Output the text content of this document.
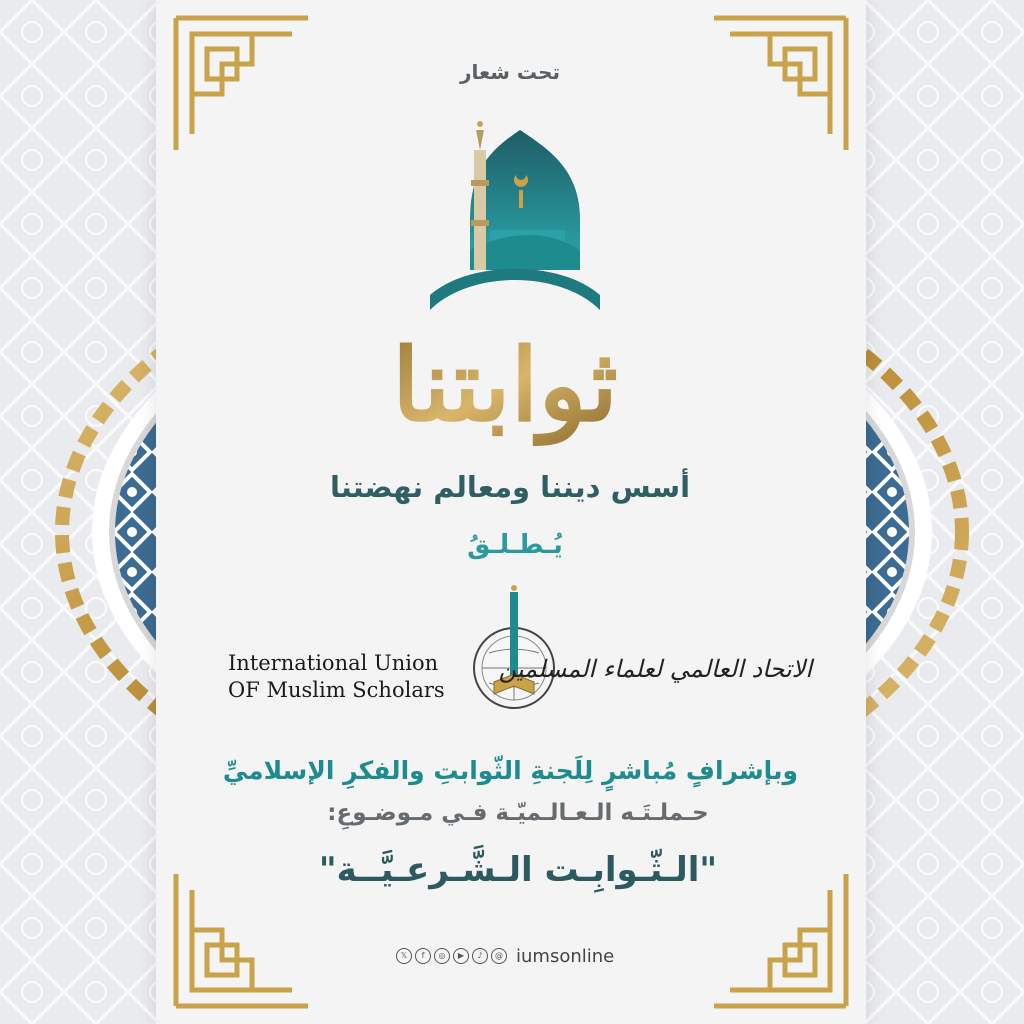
تحت شعار
ثوابتنا
أسس ديننا ومعالم نهضتنا
يُـطـلـقُ
International Union
OF Muslim Scholars
الاتحاد العالمي لعلماء المسلمين
وبإشرافٍ مُباشرٍ لِلَجنةِ الثّوابتِ والفكرِ الإسلاميِّ
حـملـتَـه الـعـالـميّـة فـي مـوضـوعِ:
"الـثّـوابِـت الـشَّـرعـيَّــة"
𝕏	f	◎	▶	♪	@ iumsonline
